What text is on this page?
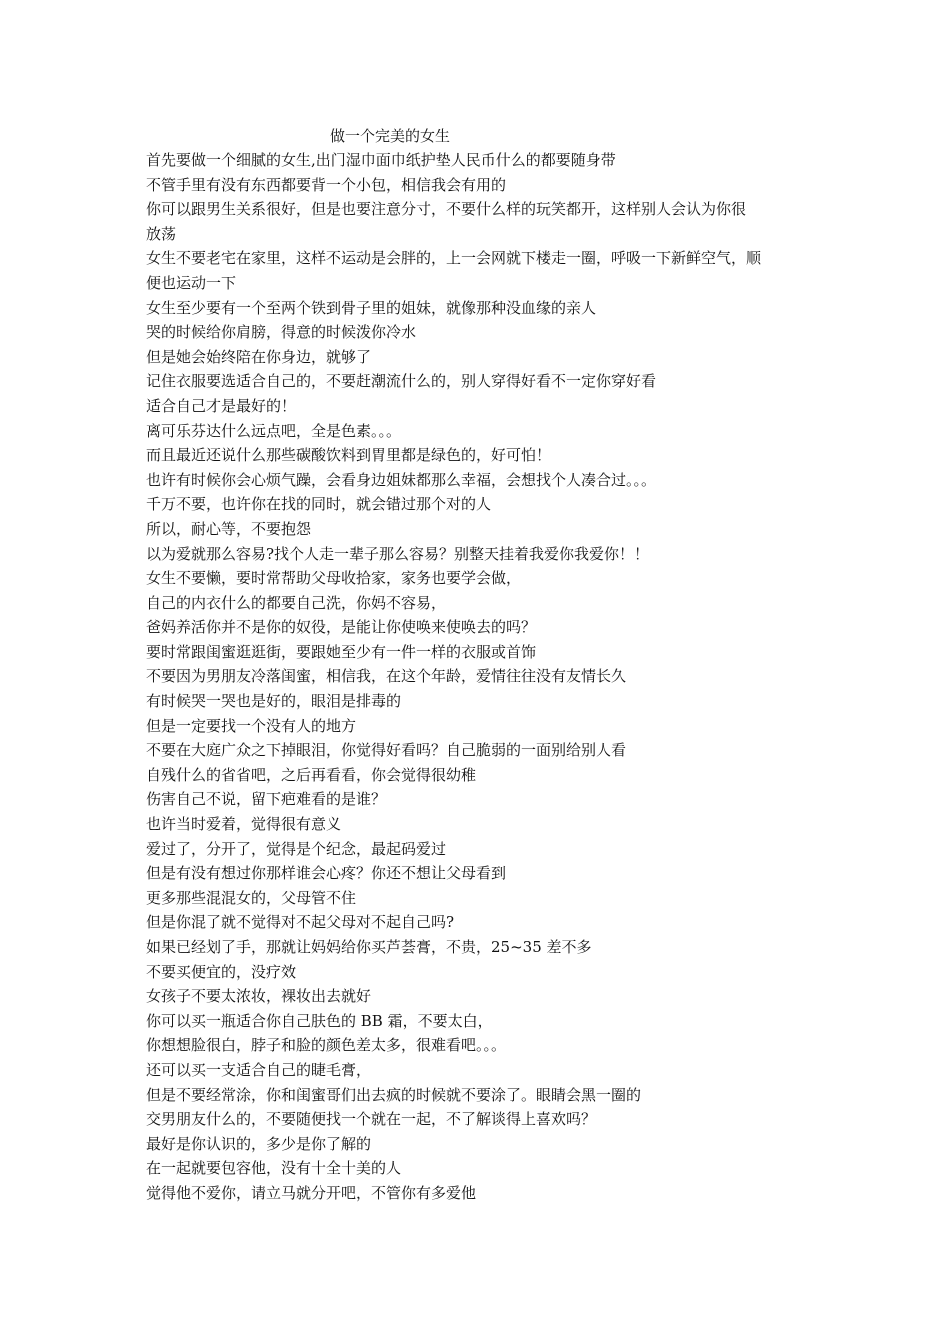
做一个完美的女生
首先要做一个细腻的女生,出门湿巾面巾纸护垫人民币什么的都要随身带
不管手里有没有东西都要背一个小包，相信我会有用的
你可以跟男生关系很好，但是也要注意分寸，不要什么样的玩笑都开，这样别人会认为你很
放荡
女生不要老宅在家里，这样不运动是会胖的，上一会网就下楼走一圈，呼吸一下新鲜空气，顺
便也运动一下
女生至少要有一个至两个铁到骨子里的姐妹，就像那种没血缘的亲人
哭的时候给你肩膀，得意的时候泼你冷水
但是她会始终陪在你身边，就够了
记住衣服要选适合自己的，不要赶潮流什么的，别人穿得好看不一定你穿好看
适合自己才是最好的！
离可乐芬达什么远点吧，全是色素。。。
而且最近还说什么那些碳酸饮料到胃里都是绿色的，好可怕！
也许有时候你会心烦气躁，会看身边姐妹都那么幸福，会想找个人凑合过。。。
千万不要，也许你在找的同时，就会错过那个对的人
所以，耐心等，不要抱怨
以为爱就那么容易?找个人走一辈子那么容易？别整天挂着我爱你我爱你！！
女生不要懒，要时常帮助父母收拾家，家务也要学会做，
自己的内衣什么的都要自己洗，你妈不容易，
爸妈养活你并不是你的奴役，是能让你使唤来使唤去的吗？
要时常跟闺蜜逛逛街，要跟她至少有一件一样的衣服或首饰
不要因为男朋友冷落闺蜜，相信我，在这个年龄，爱情往往没有友情长久
有时候哭一哭也是好的，眼泪是排毒的
但是一定要找一个没有人的地方
不要在大庭广众之下掉眼泪，你觉得好看吗？自己脆弱的一面别给别人看
自残什么的省省吧，之后再看看，你会觉得很幼稚
伤害自己不说，留下疤难看的是谁？
也许当时爱着，觉得很有意义
爱过了，分开了，觉得是个纪念，最起码爱过
但是有没有想过你那样谁会心疼？你还不想让父母看到
更多那些混混女的，父母管不住
但是你混了就不觉得对不起父母对不起自己吗?
如果已经划了手，那就让妈妈给你买芦荟膏，不贵，25~35 差不多
不要买便宜的，没疗效
女孩子不要太浓妆，裸妆出去就好
你可以买一瓶适合你自己肤色的 BB 霜，不要太白，
你想想脸很白，脖子和脸的颜色差太多，很难看吧。。。
还可以买一支适合自己的睫毛膏，
但是不要经常涂，你和闺蜜哥们出去疯的时候就不要涂了。眼睛会黑一圈的
交男朋友什么的，不要随便找一个就在一起，不了解谈得上喜欢吗？
最好是你认识的，多少是你了解的
在一起就要包容他，没有十全十美的人
觉得他不爱你，请立马就分开吧，不管你有多爱他
